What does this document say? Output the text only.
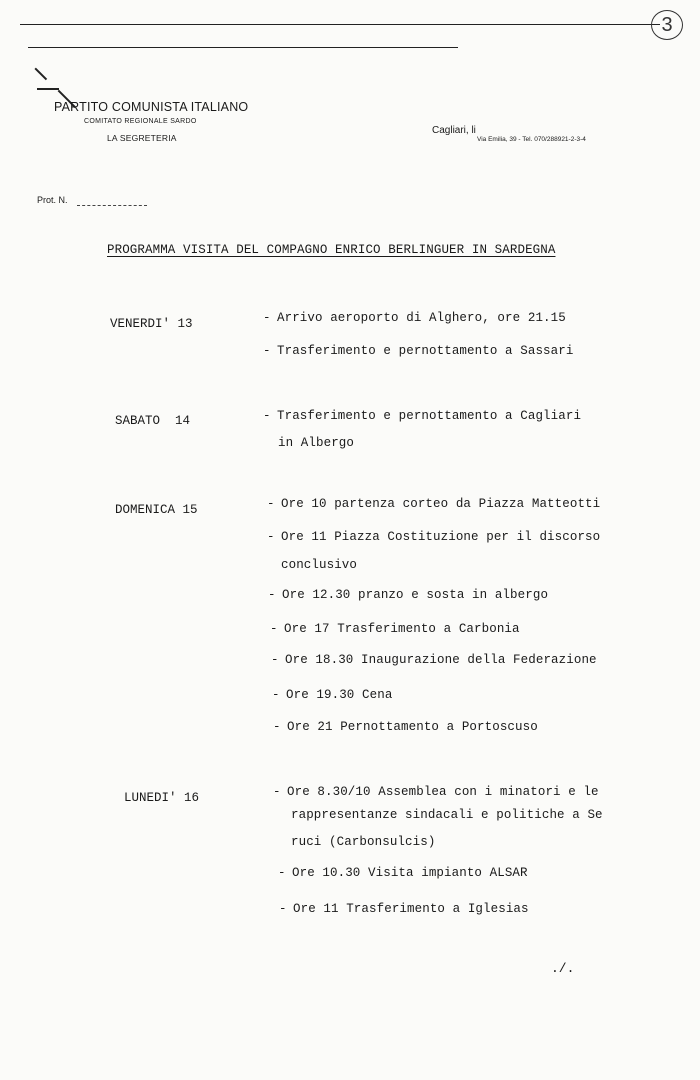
3
PARTITO COMUNISTA ITALIANO
COMITATO REGIONALE SARDO
LA SEGRETERIA
Cagliari, li
Via Emilia, 39 - Tel. 070/288921-2-3-4
Prot. N.
PROGRAMMA VISITA DEL COMPAGNO ENRICO BERLINGUER IN SARDEGNA
VENERDI' 13	- Arrivo aeroporto di Alghero, ore 21.15
- Trasferimento e pernottamento a Sassari
SABATO  14	- Trasferimento e pernottamento a Cagliari
in Albergo
DOMENICA 15	- Ore 10 partenza corteo da Piazza Matteotti
- Ore 11 Piazza Costituzione per il discorso
conclusivo
- Ore 12.30 pranzo e sosta in albergo
- Ore 17 Trasferimento a Carbonia
- Ore 18.30 Inaugurazione della Federazione
- Ore 19.30 Cena
- Ore 21 Pernottamento a Portoscuso
LUNEDI' 16	- Ore 8.30/10 Assemblea con i minatori e le
rappresentanze sindacali e politiche a Se
ruci (Carbonsulcis)
- Ore 10.30 Visita impianto ALSAR
- Ore 11 Trasferimento a Iglesias
./.
